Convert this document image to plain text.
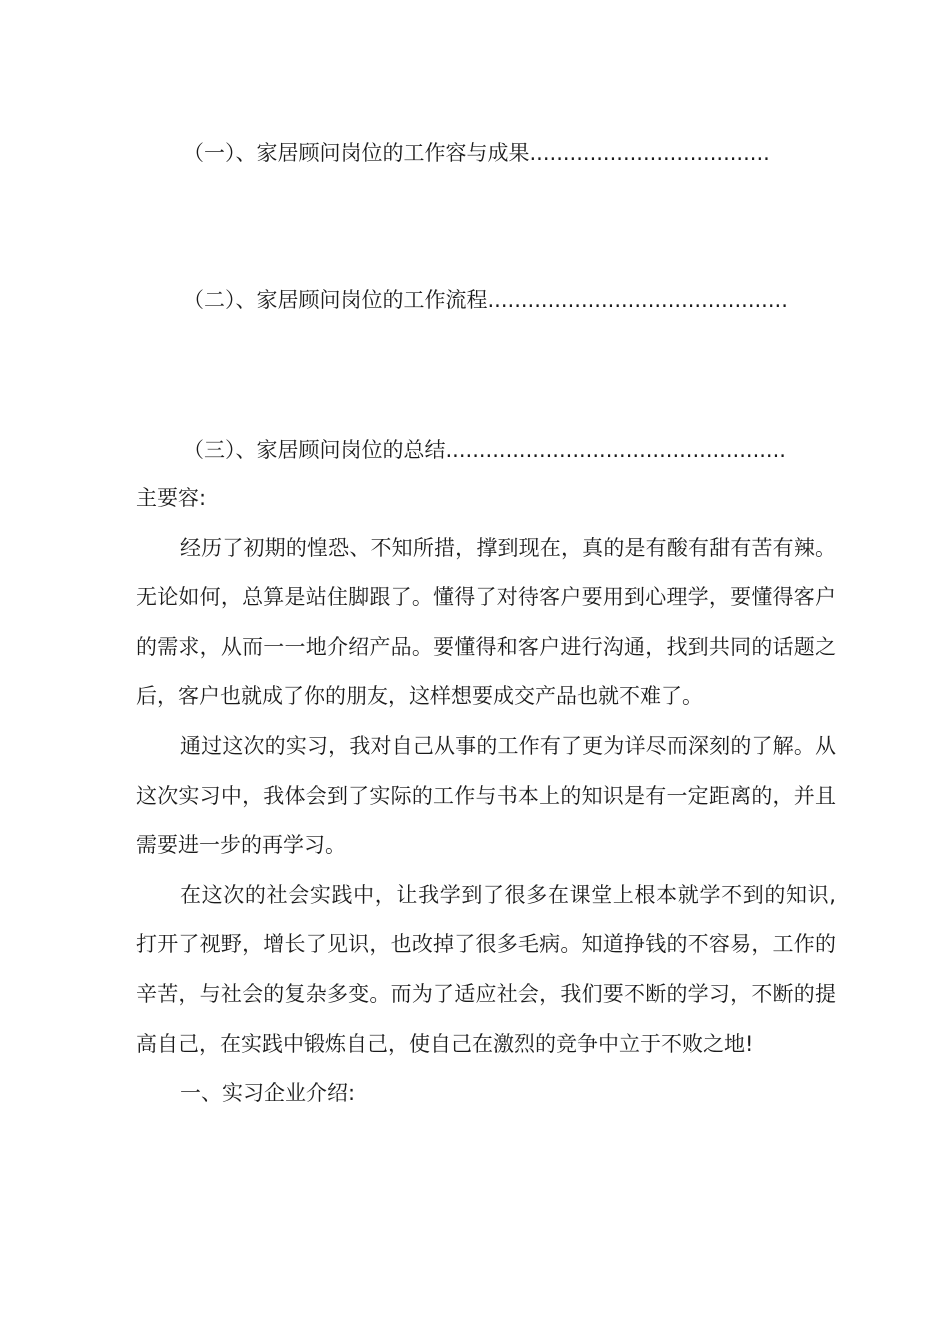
（一）、家居顾问岗位的工作容与成果....................................
（二）、家居顾问岗位的工作流程.............................................
（三）、家居顾问岗位的总结...................................................

主要容:

经历了初期的惶恐、不知所措，撑到现在，真的是有酸有甜有苦有辣。无论如何，总算是站住脚跟了。懂得了对待客户要用到心理学，要懂得客户的需求，从而一一地介绍产品。要懂得和客户进行沟通，找到共同的话题之后，客户也就成了你的朋友，这样想要成交产品也就不难了。

通过这次的实习，我对自己从事的工作有了更为详尽而深刻的了解。从这次实习中，我体会到了实际的工作与书本上的知识是有一定距离的，并且需要进一步的再学习。

在这次的社会实践中，让我学到了很多在课堂上根本就学不到的知识,打开了视野，增长了见识，也改掉了很多毛病。知道挣钱的不容易，工作的辛苦，与社会的复杂多变。而为了适应社会，我们要不断的学习，不断的提高自己，在实践中锻炼自己，使自己在激烈的竞争中立于不败之地!

一、实习企业介绍:
